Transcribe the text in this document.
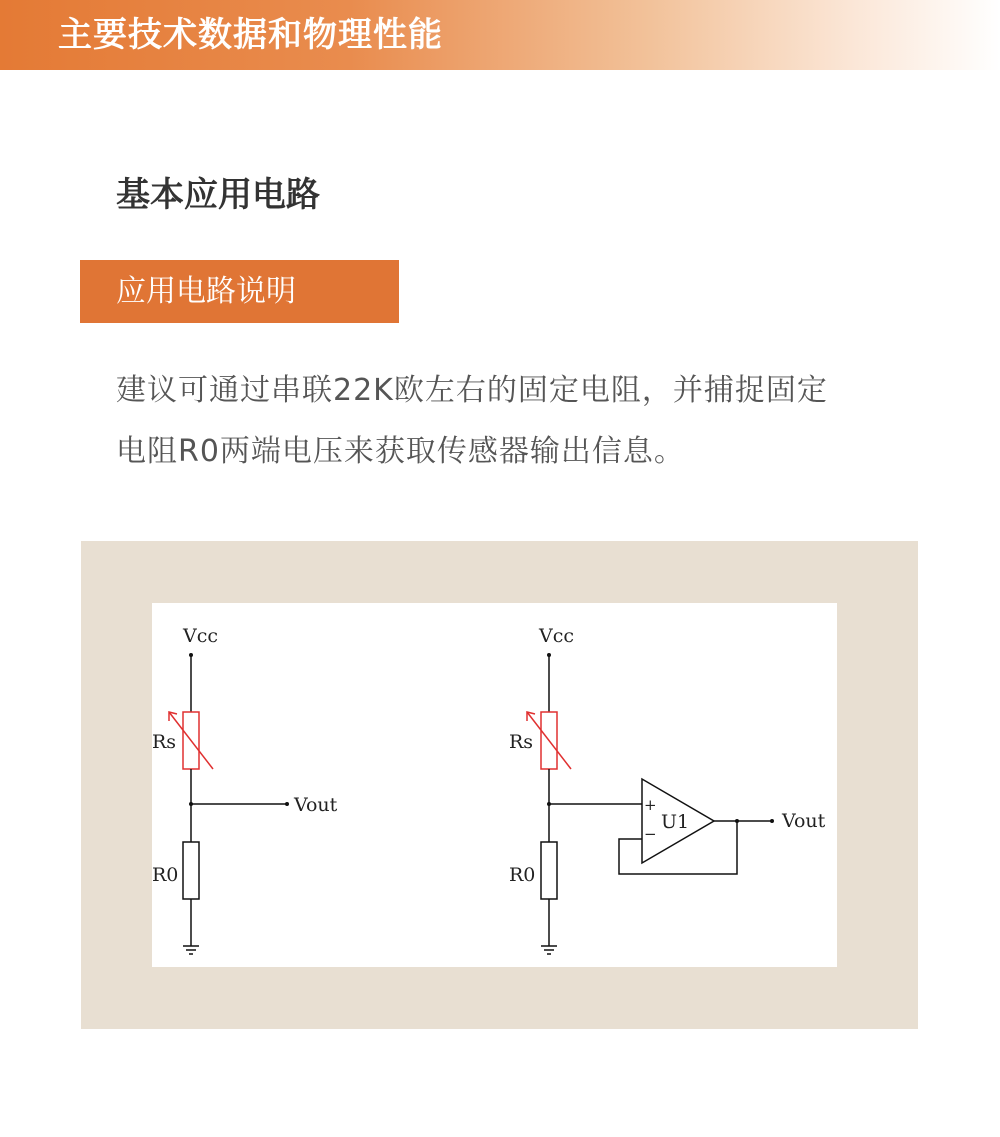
主要技术数据和物理性能
基本应用电路
应用电路说明

建议可通过串联22K欧左右的固定电阻，并捕捉固定

电阻R0两端电压来获取传感器输出信息。

Vcc
Rs
R0
Vout
Vcc
Rs
R0
U1
+
−
Vout
